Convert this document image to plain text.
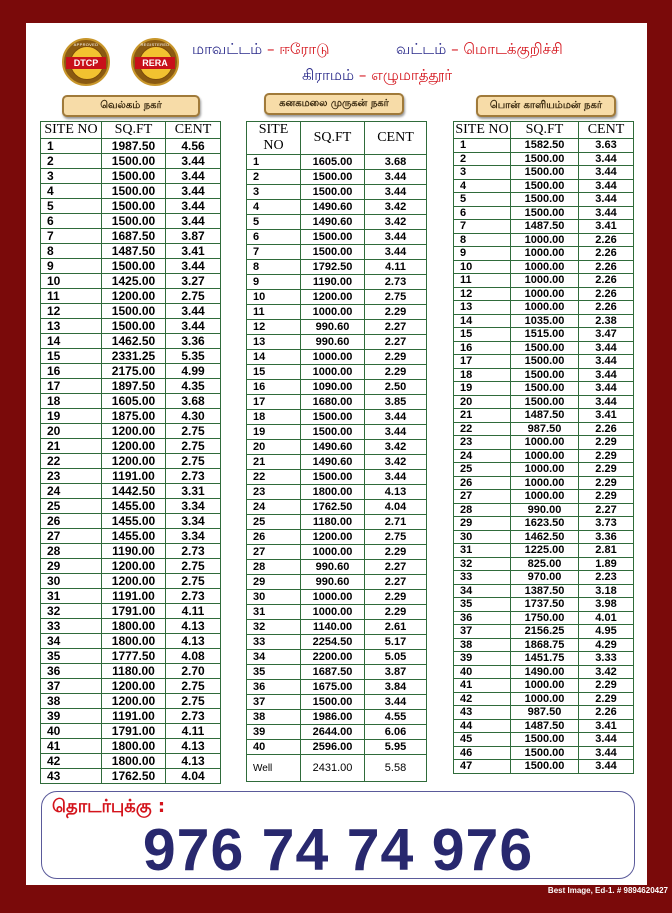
APPROVED
DTCP
REGISTERED
RERA
மாவட்டம் – ஈரோடு	வட்டம் – மொடக்குறிச்சி
கிராமம் – எழுமாத்தூர்
வெல்கம் நகர்	கனகமலை முருகன் நகர்	பொன் காளியம்மன் நகர்
SITE NO	SQ.FT	CENT
1	1987.50	4.56
2	1500.00	3.44
3	1500.00	3.44
4	1500.00	3.44
5	1500.00	3.44
6	1500.00	3.44
7	1687.50	3.87
8	1487.50	3.41
9	1500.00	3.44
10	1425.00	3.27
11	1200.00	2.75
12	1500.00	3.44
13	1500.00	3.44
14	1462.50	3.36
15	2331.25	5.35
16	2175.00	4.99
17	1897.50	4.35
18	1605.00	3.68
19	1875.00	4.30
20	1200.00	2.75
21	1200.00	2.75
22	1200.00	2.75
23	1191.00	2.73
24	1442.50	3.31
25	1455.00	3.34
26	1455.00	3.34
27	1455.00	3.34
28	1190.00	2.73
29	1200.00	2.75
30	1200.00	2.75
31	1191.00	2.73
32	1791.00	4.11
33	1800.00	4.13
34	1800.00	4.13
35	1777.50	4.08
36	1180.00	2.70
37	1200.00	2.75
38	1200.00	2.75
39	1191.00	2.73
40	1791.00	4.11
41	1800.00	4.13
42	1800.00	4.13
43	1762.50	4.04
SITE NO	SQ.FT	CENT
1	1605.00	3.68
2	1500.00	3.44
3	1500.00	3.44
4	1490.60	3.42
5	1490.60	3.42
6	1500.00	3.44
7	1500.00	3.44
8	1792.50	4.11
9	1190.00	2.73
10	1200.00	2.75
11	1000.00	2.29
12	990.60	2.27
13	990.60	2.27
14	1000.00	2.29
15	1000.00	2.29
16	1090.00	2.50
17	1680.00	3.85
18	1500.00	3.44
19	1500.00	3.44
20	1490.60	3.42
21	1490.60	3.42
22	1500.00	3.44
23	1800.00	4.13
24	1762.50	4.04
25	1180.00	2.71
26	1200.00	2.75
27	1000.00	2.29
28	990.60	2.27
29	990.60	2.27
30	1000.00	2.29
31	1000.00	2.29
32	1140.00	2.61
33	2254.50	5.17
34	2200.00	5.05
35	1687.50	3.87
36	1675.00	3.84
37	1500.00	3.44
38	1986.00	4.55
39	2644.00	6.06
40	2596.00	5.95
Well	2431.00	5.58
SITE NO	SQ.FT	CENT
1	1582.50	3.63
2	1500.00	3.44
3	1500.00	3.44
4	1500.00	3.44
5	1500.00	3.44
6	1500.00	3.44
7	1487.50	3.41
8	1000.00	2.26
9	1000.00	2.26
10	1000.00	2.26
11	1000.00	2.26
12	1000.00	2.26
13	1000.00	2.26
14	1035.00	2.38
15	1515.00	3.47
16	1500.00	3.44
17	1500.00	3.44
18	1500.00	3.44
19	1500.00	3.44
20	1500.00	3.44
21	1487.50	3.41
22	987.50	2.26
23	1000.00	2.29
24	1000.00	2.29
25	1000.00	2.29
26	1000.00	2.29
27	1000.00	2.29
28	990.00	2.27
29	1623.50	3.73
30	1462.50	3.36
31	1225.00	2.81
32	825.00	1.89
33	970.00	2.23
34	1387.50	3.18
35	1737.50	3.98
36	1750.00	4.01
37	2156.25	4.95
38	1868.75	4.29
39	1451.75	3.33
40	1490.00	3.42
41	1000.00	2.29
42	1000.00	2.29
43	987.50	2.26
44	1487.50	3.41
45	1500.00	3.44
46	1500.00	3.44
47	1500.00	3.44
தொடர்புக்கு :
976 74 74 976
Best Image, Ed-1. # 9894620427
